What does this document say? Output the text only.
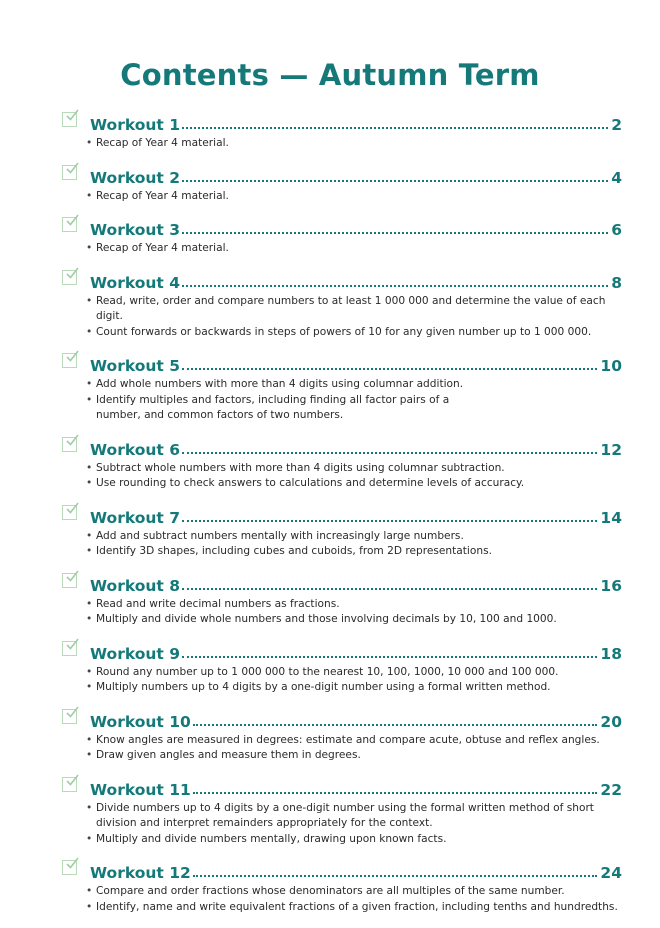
Contents — Autumn Term
Workout 1	2
• Recap of Year 4 material.
Workout 2	4
• Recap of Year 4 material.
Workout 3	6
• Recap of Year 4 material.
Workout 4	8
• Read, write, order and compare numbers to at least 1 000 000 and determine the value of each digit.
• Count forwards or backwards in steps of powers of 10 for any given number up to 1 000 000.
Workout 5	10
• Add whole numbers with more than 4 digits using columnar addition.
• Identify multiples and factors, including finding all factor pairs of a number, and common factors of two numbers.
Workout 6	12
• Subtract whole numbers with more than 4 digits using columnar subtraction.
• Use rounding to check answers to calculations and determine levels of accuracy.
Workout 7	14
• Add and subtract numbers mentally with increasingly large numbers.
• Identify 3D shapes, including cubes and cuboids, from 2D representations.
Workout 8	16
• Read and write decimal numbers as fractions.
• Multiply and divide whole numbers and those involving decimals by 10, 100 and 1000.
Workout 9	18
• Round any number up to 1 000 000 to the nearest 10, 100, 1000, 10 000 and 100 000.
• Multiply numbers up to 4 digits by a one-digit number using a formal written method.
Workout 10	20
• Know angles are measured in degrees: estimate and compare acute, obtuse and reflex angles.
• Draw given angles and measure them in degrees.
Workout 11	22
• Divide numbers up to 4 digits by a one-digit number using the formal written method of short division and interpret remainders appropriately for the context.
• Multiply and divide numbers mentally, drawing upon known facts.
Workout 12	24
• Compare and order fractions whose denominators are all multiples of the same number.
• Identify, name and write equivalent fractions of a given fraction, including tenths and hundredths.
